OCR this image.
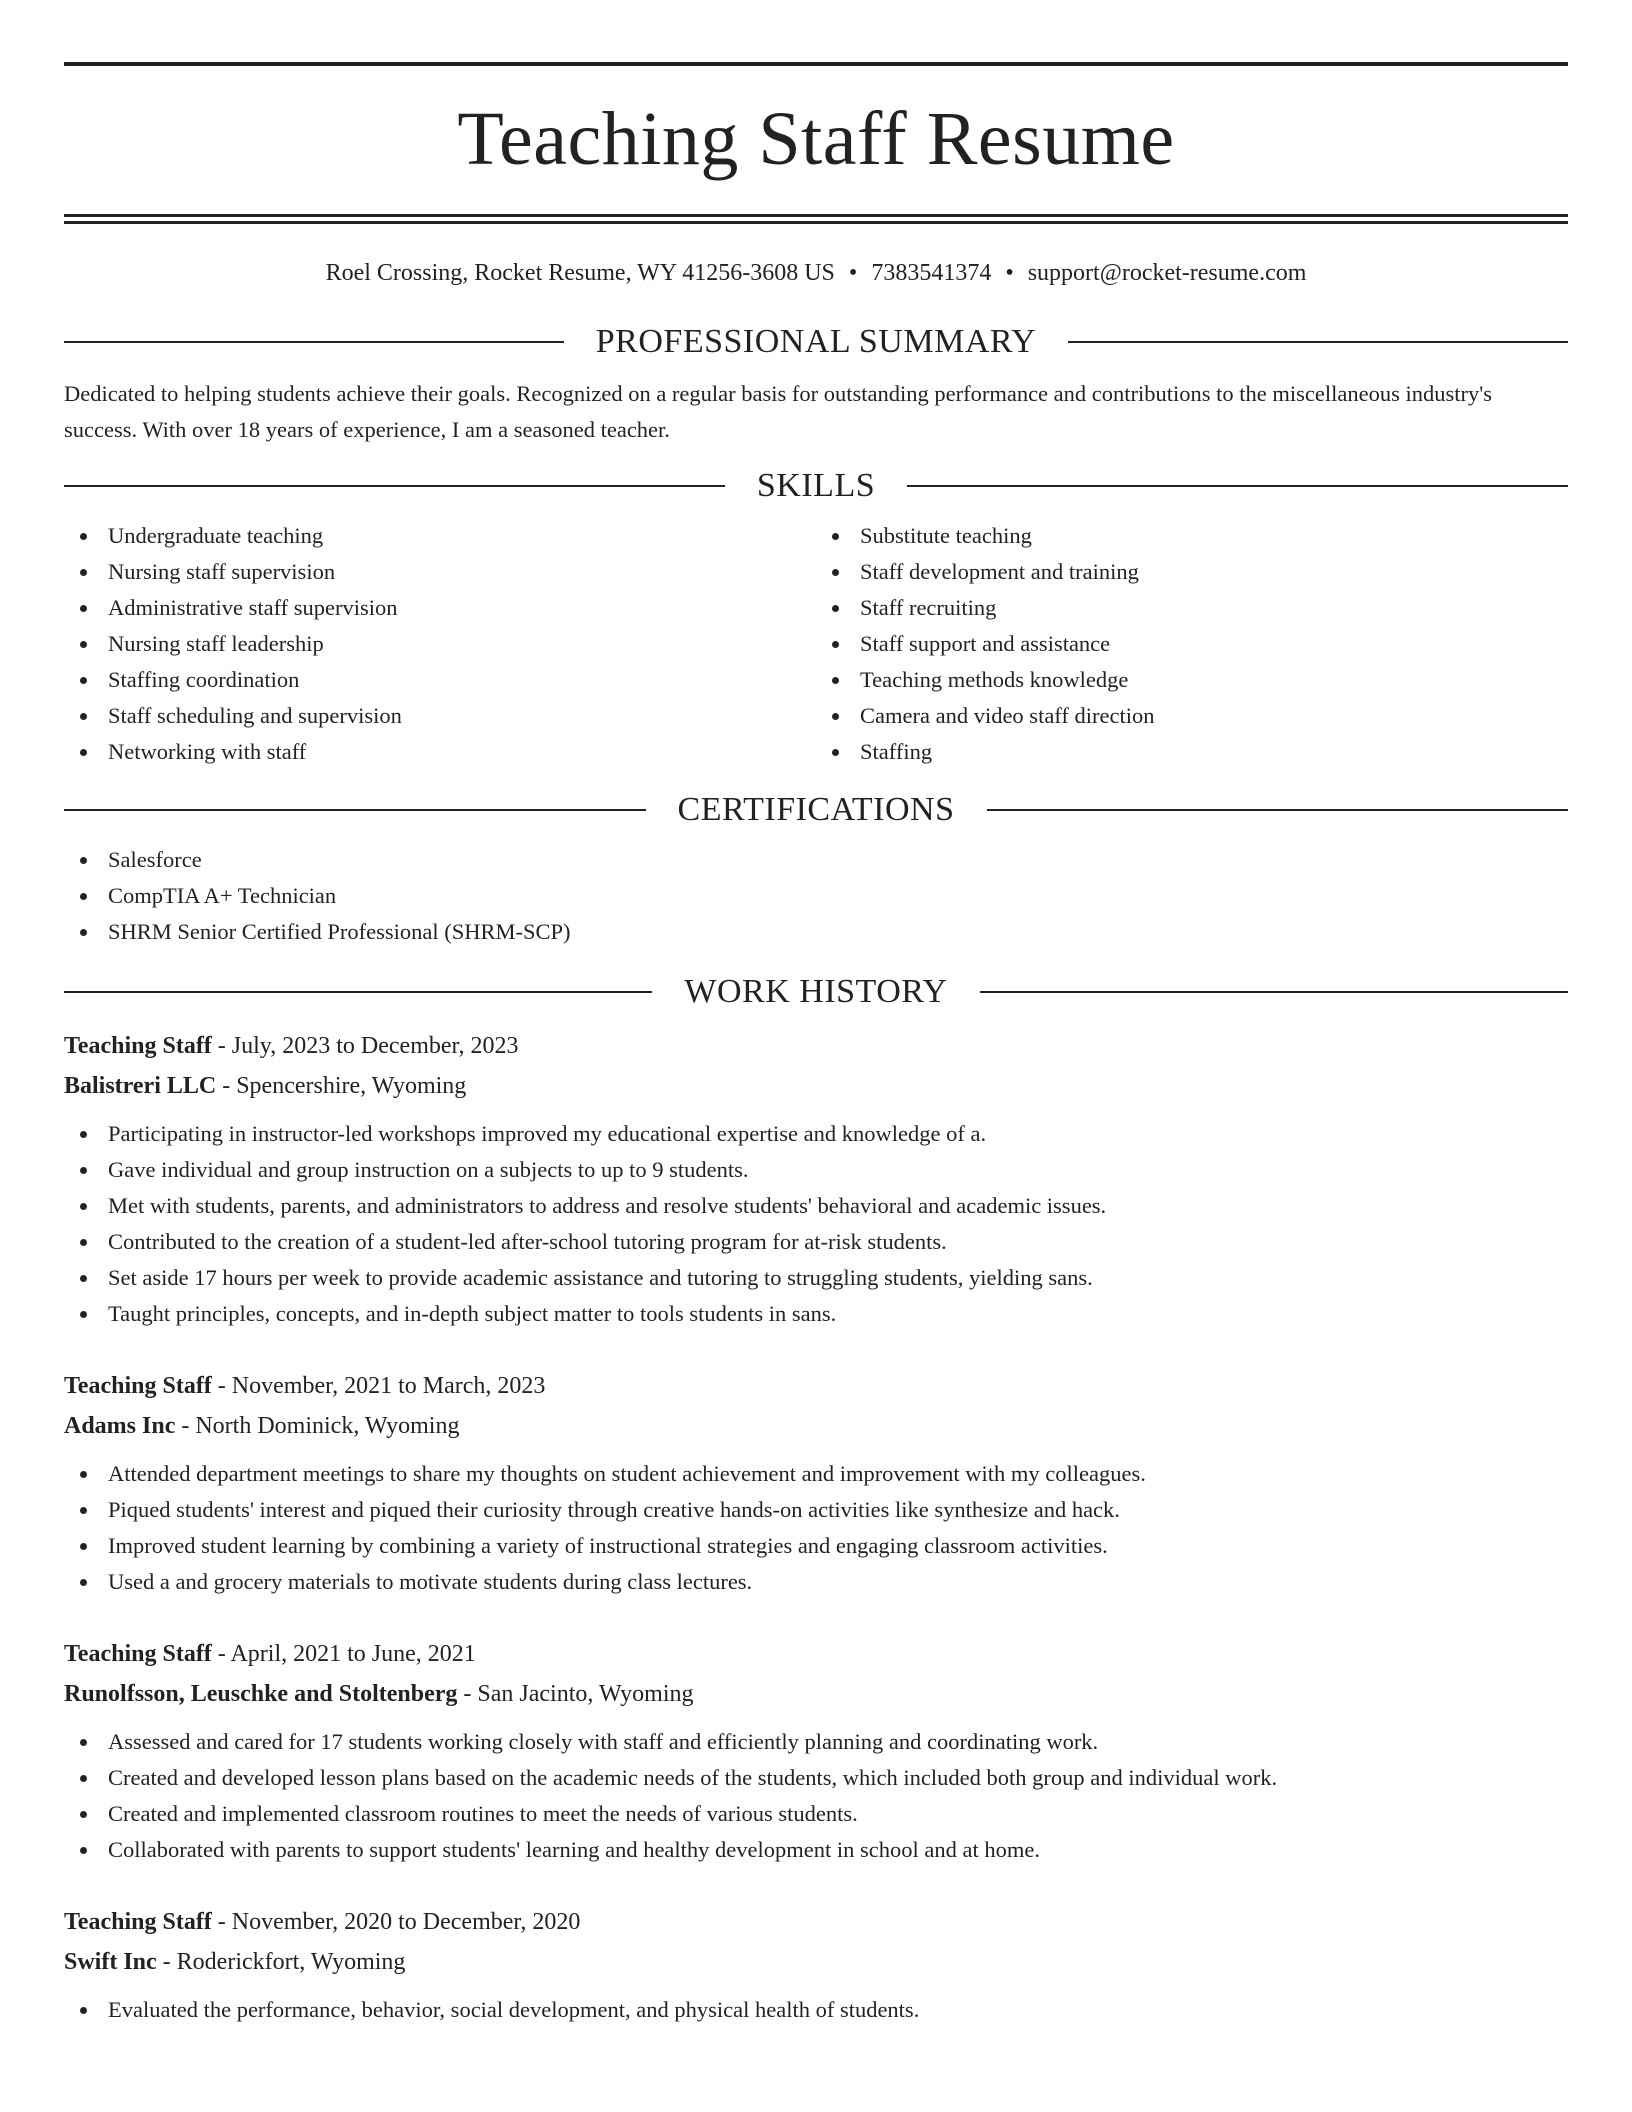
Teaching Staff Resume
Roel Crossing, Rocket Resume, WY 41256-3608 US • 7383541374 • support@rocket-resume.com
PROFESSIONAL SUMMARY
Dedicated to helping students achieve their goals. Recognized on a regular basis for outstanding performance and contributions to the miscellaneous industry's success. With over 18 years of experience, I am a seasoned teacher.
SKILLS
Undergraduate teaching
Nursing staff supervision
Administrative staff supervision
Nursing staff leadership
Staffing coordination
Staff scheduling and supervision
Networking with staff
Substitute teaching
Staff development and training
Staff recruiting
Staff support and assistance
Teaching methods knowledge
Camera and video staff direction
Staffing
CERTIFICATIONS
Salesforce
CompTIA A+ Technician
SHRM Senior Certified Professional (SHRM-SCP)
WORK HISTORY
Teaching Staff - July, 2023 to December, 2023
Balistreri LLC - Spencershire, Wyoming
Participating in instructor-led workshops improved my educational expertise and knowledge of a.
Gave individual and group instruction on a subjects to up to 9 students.
Met with students, parents, and administrators to address and resolve students' behavioral and academic issues.
Contributed to the creation of a student-led after-school tutoring program for at-risk students.
Set aside 17 hours per week to provide academic assistance and tutoring to struggling students, yielding sans.
Taught principles, concepts, and in-depth subject matter to tools students in sans.
Teaching Staff - November, 2021 to March, 2023
Adams Inc - North Dominick, Wyoming
Attended department meetings to share my thoughts on student achievement and improvement with my colleagues.
Piqued students' interest and piqued their curiosity through creative hands-on activities like synthesize and hack.
Improved student learning by combining a variety of instructional strategies and engaging classroom activities.
Used a and grocery materials to motivate students during class lectures.
Teaching Staff - April, 2021 to June, 2021
Runolfsson, Leuschke and Stoltenberg - San Jacinto, Wyoming
Assessed and cared for 17 students working closely with staff and efficiently planning and coordinating work.
Created and developed lesson plans based on the academic needs of the students, which included both group and individual work.
Created and implemented classroom routines to meet the needs of various students.
Collaborated with parents to support students' learning and healthy development in school and at home.
Teaching Staff - November, 2020 to December, 2020
Swift Inc - Roderickfort, Wyoming
Evaluated the performance, behavior, social development, and physical health of students.
